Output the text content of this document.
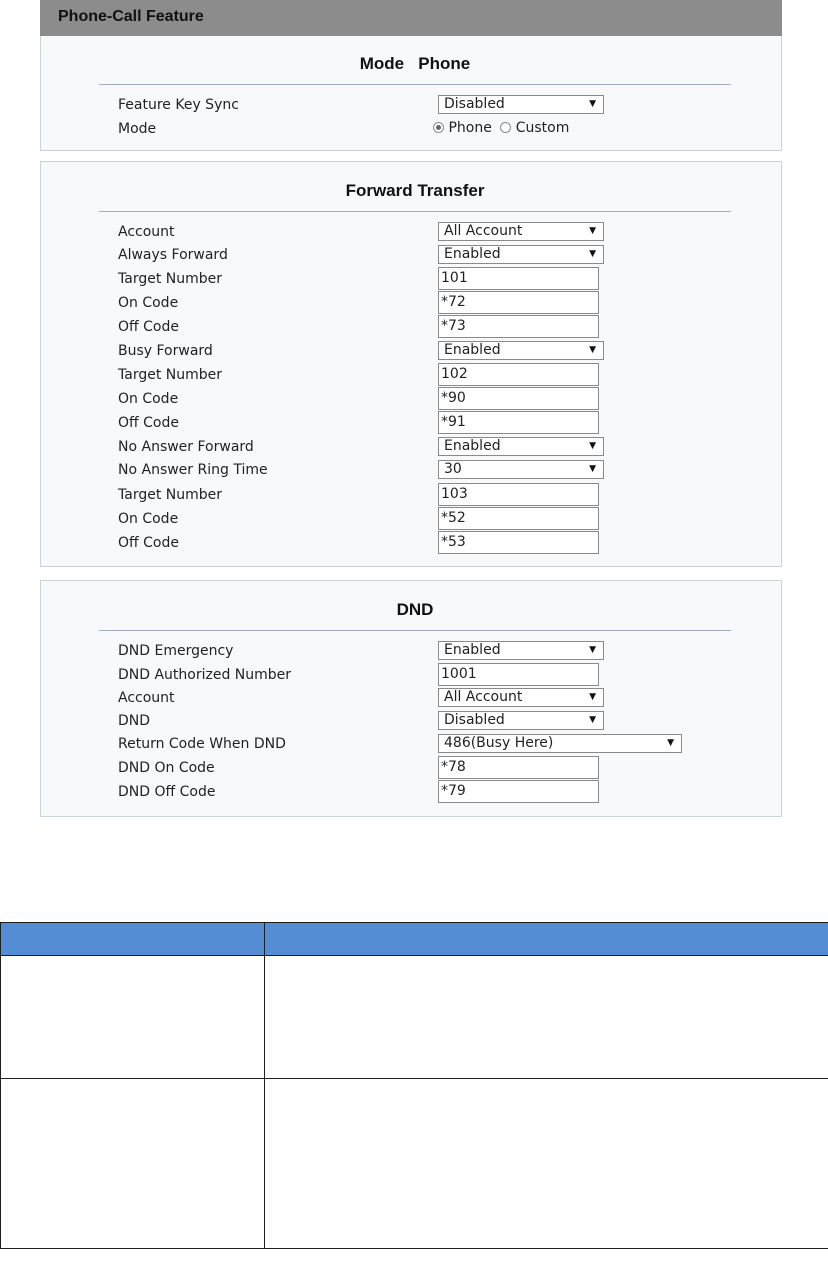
Phone-Call Feature
Mode   Phone
Feature Key Sync	Disabled	▼
Mode	Phone Custom
Forward Transfer
Account	All Account	▼
Always Forward	Enabled	▼
Target Number	101
On Code	*72
Off Code	*73
Busy Forward	Enabled	▼
Target Number	102
On Code	*90
Off Code	*91
No Answer Forward	Enabled	▼
No Answer Ring Time	30	▼
Target Number	103
On Code	*52
Off Code	*53
DND
DND Emergency	Enabled	▼
DND Authorized Number	1001
Account	All Account	▼
DND	Disabled	▼
Return Code When DND	486(Busy Here)	▼
DND On Code	*78
DND Off Code	*79
